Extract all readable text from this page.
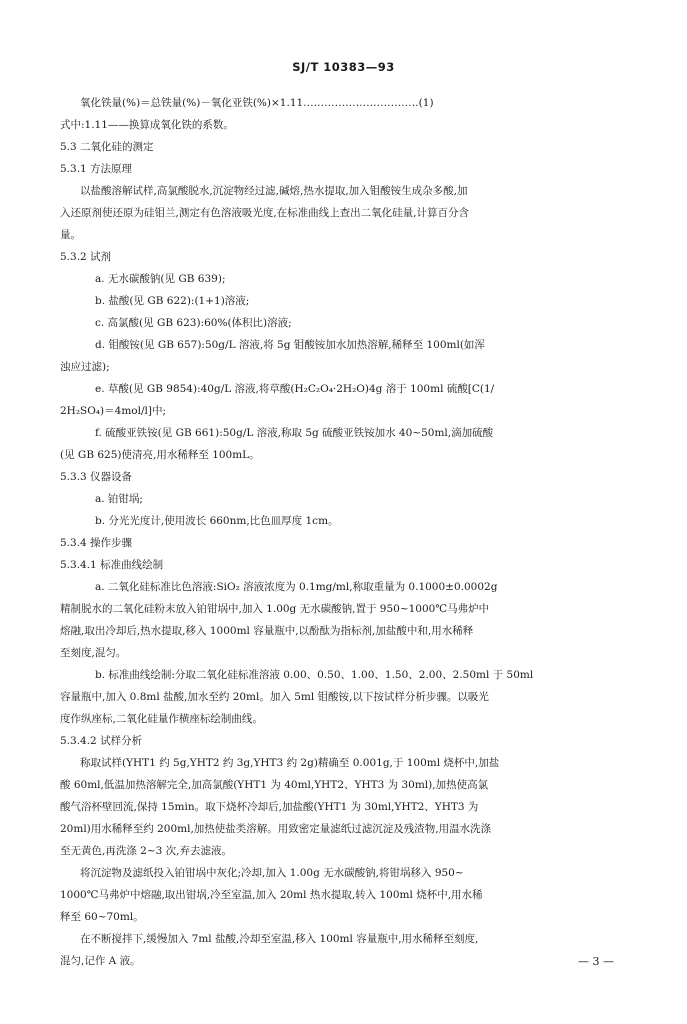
SJ/T 10383—93
氧化铁量(%)＝总铁量(%)－氧化亚铁(%)×1.11……………………………(1)
式中:1.11——换算成氧化铁的系数。
5.3 二氧化硅的测定
5.3.1 方法原理
以盐酸溶解试样,高氯酸脱水,沉淀物经过滤,碱熔,热水提取,加入钼酸铵生成杂多酸,加
入还原剂使还原为硅钼兰,测定有色溶液吸光度,在标准曲线上查出二氧化硅量,计算百分含
量。
5.3.2 试剂
a. 无水碳酸钠(见 GB 639);
b. 盐酸(见 GB 622):(1+1)溶液;
c. 高氯酸(见 GB 623):60%(体积比)溶液;
d. 钼酸铵(见 GB 657):50g/L 溶液,将 5g 钼酸铵加水加热溶解,稀释至 100ml(如浑
浊应过滤);
e. 草酸(见 GB 9854):40g/L 溶液,将草酸(H₂C₂O₄·2H₂O)4g 溶于 100ml 硫酸[C(1/
2H₂SO₄)＝4mol/l]中;
f. 硫酸亚铁铵(见 GB 661):50g/L 溶液,称取 5g 硫酸亚铁铵加水 40~50ml,滴加硫酸
(见 GB 625)使清亮,用水稀释至 100mL。
5.3.3 仪器设备
a. 铂钳埚;
b. 分光光度计,使用波长 660nm,比色皿厚度 1cm。
5.3.4 操作步骤
5.3.4.1 标准曲线绘制
a. 二氧化硅标准比色溶液:SiO₂ 溶液浓度为 0.1mg/ml,称取重量为 0.1000±0.0002g
精制脱水的二氧化硅粉末放入铂钳埚中,加入 1.00g 无水碳酸钠,置于 950~1000℃马弗炉中
熔融,取出冷却后,热水提取,移入 1000ml 容量瓶中,以酚酞为指标剂,加盐酸中和,用水稀释
至刻度,混匀。
b. 标准曲线绘制:分取二氧化硅标准溶液 0.00、0.50、1.00、1.50、2.00、2.50ml 于 50ml
容量瓶中,加入 0.8ml 盐酸,加水至约 20ml。加入 5ml 钼酸铵,以下按试样分析步骤。以吸光
度作纵座标,二氧化硅量作横座标绘制曲线。
5.3.4.2 试样分析
称取试样(YHT1 约 5g,YHT2 约 3g,YHT3 约 2g)精确至 0.001g,于 100ml 烧杯中,加盐
酸 60ml,低温加热溶解完全,加高氯酸(YHT1 为 40ml,YHT2、YHT3 为 30ml),加热使高氯
酸气浴杯壁回流,保持 15min。取下烧杯冷却后,加盐酸(YHT1 为 30ml,YHT2、YHT3 为
20ml)用水稀释至约 200ml,加热使盐类溶解。用致密定量滤纸过滤沉淀及残渣物,用温水洗涤
至无黄色,再洗涤 2~3 次,弃去滤液。
将沉淀物及滤纸投入铂钳埚中灰化;冷却,加入 1.00g 无水碳酸钠,将钳埚移入 950~
1000℃马弗炉中熔融,取出钳埚,冷至室温,加入 20ml 热水提取,转入 100ml 烧杯中,用水稀
释至 60~70ml。
在不断搅拌下,缓慢加入 7ml 盐酸,冷却至室温,移入 100ml 容量瓶中,用水稀释至刻度,
混匀,记作 A 液。	— 3 —
